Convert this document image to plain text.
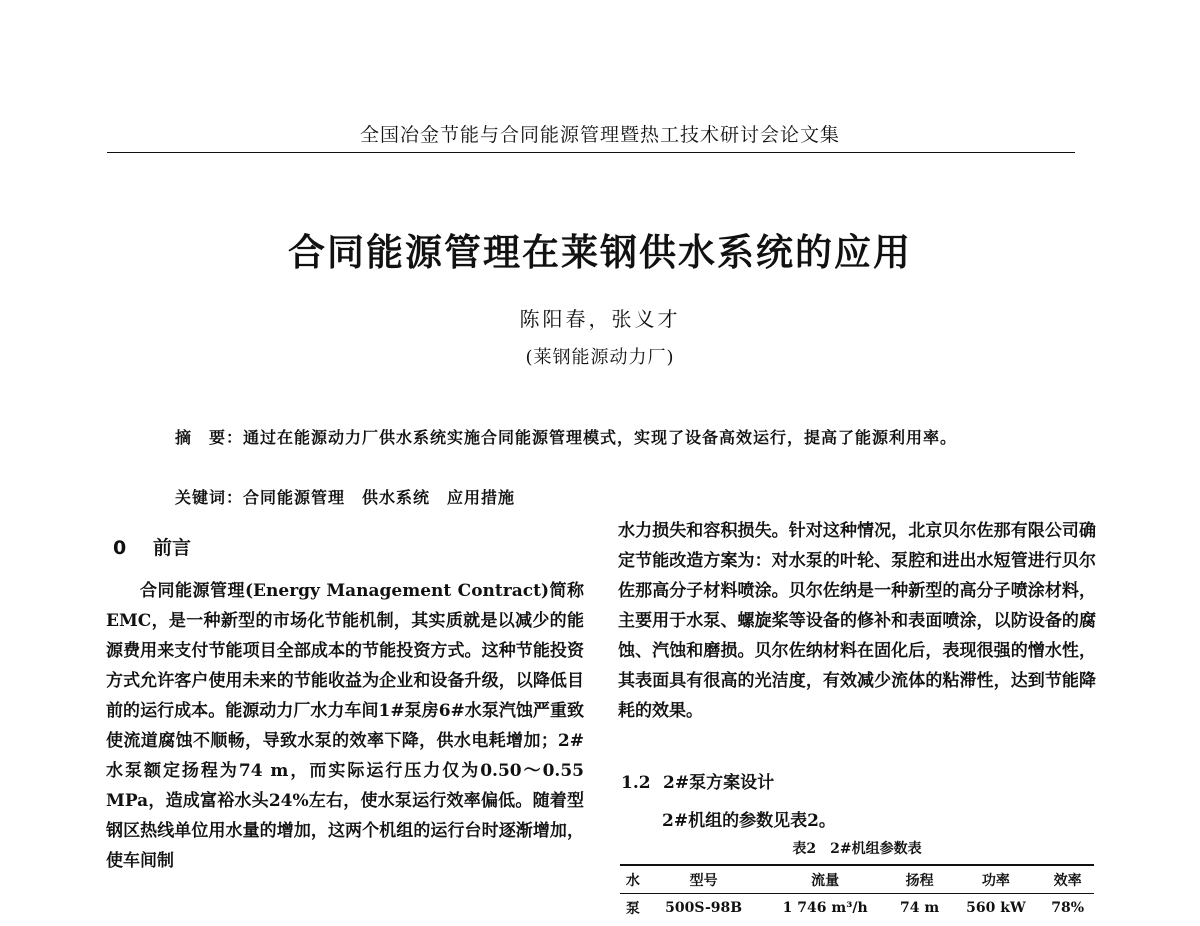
全国冶金节能与合同能源管理暨热工技术研讨会论文集
合同能源管理在莱钢供水系统的应用
陈阳春，张义才
(莱钢能源动力厂)
摘　要：通过在能源动力厂供水系统实施合同能源管理模式，实现了设备高效运行，提高了能源利用率。
关键词：合同能源管理　供水系统　应用措施
0 前言

合同能源管理(Energy Management Contract)简称EMC，是一种新型的市场化节能机制，其实质就是以减少的能源费用来支付节能项目全部成本的节能投资方式。这种节能投资方式允许客户使用未来的节能收益为企业和设备升级，以降低目前的运行成本。能源动力厂水力车间1#泵房6#水泵汽蚀严重致使流道腐蚀不顺畅，导致水泵的效率下降，供水电耗增加；2#水泵额定扬程为74 m，而实际运行压力仅为0.50～0.55 MPa，造成富裕水头24%左右，使水泵运行效率偏低。随着型钢区热线单位用水量的增加，这两个机组的运行台时逐渐增加，使车间制

水力损失和容积损失。针对这种情况，北京贝尔佐那有限公司确定节能改造方案为：对水泵的叶轮、泵腔和进出水短管进行贝尔佐那高分子材料喷涂。贝尔佐纳是一种新型的高分子喷涂材料，主要用于水泵、螺旋桨等设备的修补和表面喷涂，以防设备的腐蚀、汽蚀和磨损。贝尔佐纳材料在固化后，表现很强的憎水性，其表面具有很高的光洁度，有效减少流体的粘滞性，达到节能降耗的效果。

1.2 2#泵方案设计
2#机组的参数见表2。
表2　2#机组参数表
水	型号	流量	扬程	功率	效率
泵	500S-98B	1 746 m³/h	74 m	560 kW	78%
